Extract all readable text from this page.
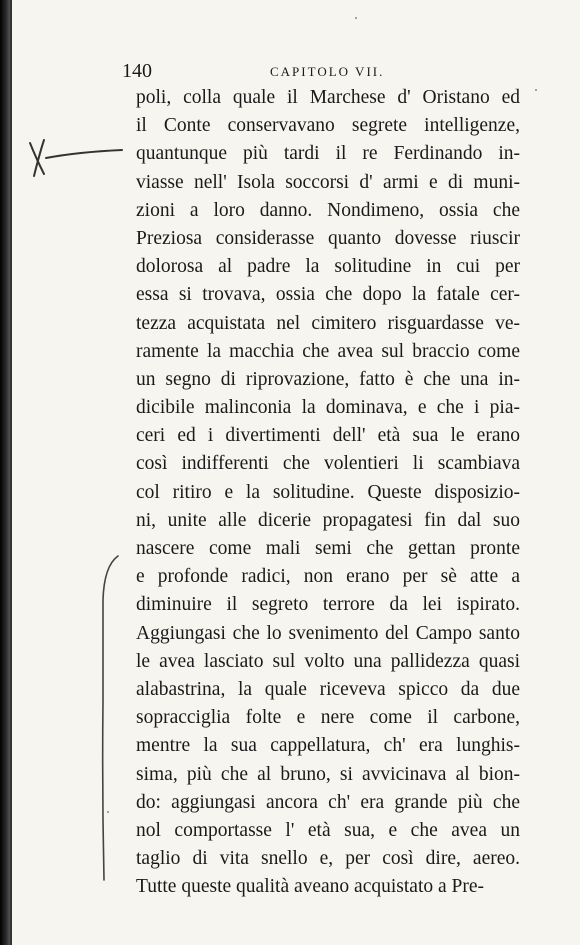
140	CAPITOLO VII.
poli, colla quale il Marchese d' Oristano ed
il Conte conservavano segrete intelligenze,
quantunque più tardi il re Ferdinando in-
viasse nell' Isola soccorsi d' armi e di muni-
zioni a loro danno. Nondimeno, ossia che
Preziosa considerasse quanto dovesse riuscir
dolorosa al padre la solitudine in cui per
essa si trovava, ossia che dopo la fatale cer-
tezza acquistata nel cimitero risguardasse ve-
ramente la macchia che avea sul braccio come
un segno di riprovazione, fatto è che una in-
dicibile malinconia la dominava, e che i pia-
ceri ed i divertimenti dell' età sua le erano
così indifferenti che volentieri li scambiava
col ritiro e la solitudine. Queste disposizio-
ni, unite alle dicerie propagatesi fin dal suo
nascere come mali semi che gettan pronte
e profonde radici, non erano per sè atte a
diminuire il segreto terrore da lei ispirato.
Aggiungasi che lo svenimento del Campo santo
le avea lasciato sul volto una pallidezza quasi
alabastrina, la quale riceveva spicco da due
sopracciglia folte e nere come il carbone,
mentre la sua cappellatura, ch' era lunghis-
sima, più che al bruno, si avvicinava al bion-
do: aggiungasi ancora ch' era grande più che
nol comportasse l' età sua, e che avea un
taglio di vita snello e, per così dire, aereo.
Tutte queste qualità aveano acquistato a Pre-
